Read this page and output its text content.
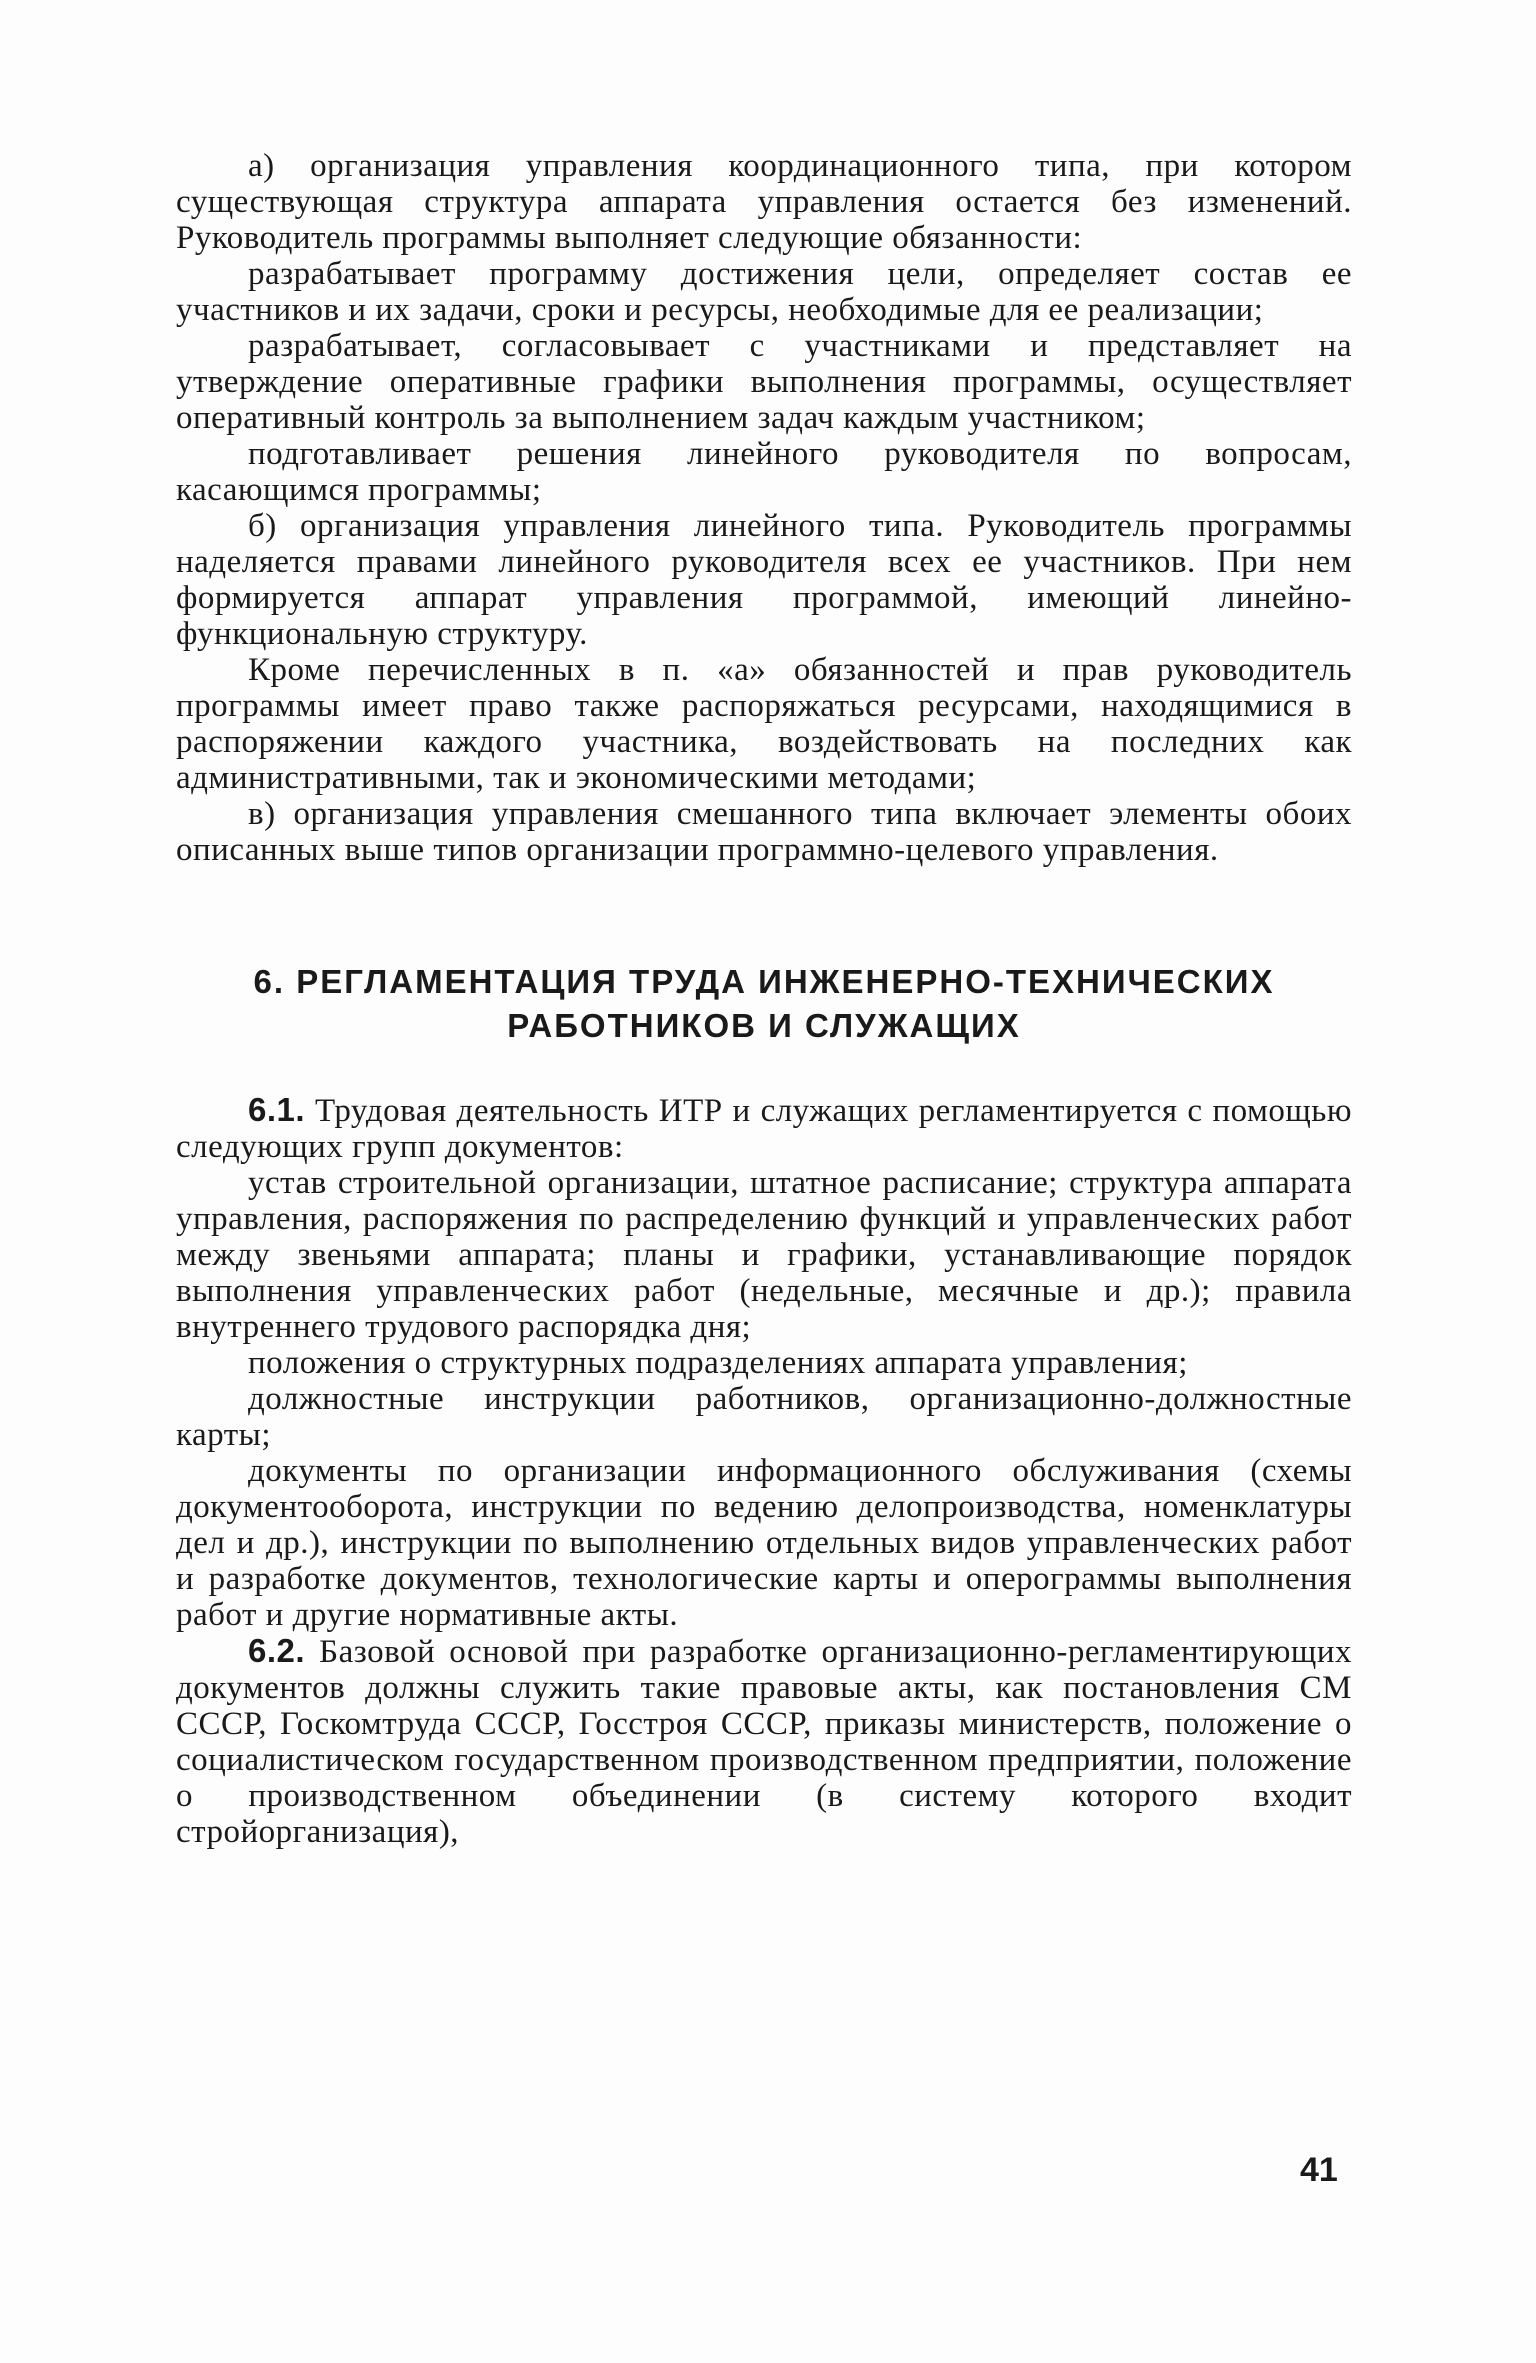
а) организация управления координационного типа, при котором существующая структура аппарата управления остается без изменений. Руководитель программы выполняет следующие обязанности:

разрабатывает программу достижения цели, определяет состав ее участников и их задачи, сроки и ресурсы, необходимые для ее реализации;

разрабатывает, согласовывает с участниками и представляет на утверждение оперативные графики выполнения программы, осуществляет оперативный контроль за выполнением задач каждым участником;

подготавливает решения линейного руководителя по вопросам, касающимся программы;

б) организация управления линейного типа. Руководитель программы наделяется правами линейного руководителя всех ее участников. При нем формируется аппарат управления программой, имеющий линейно-функциональную структуру.

Кроме перечисленных в п. «а» обязанностей и прав руководитель программы имеет право также распоряжаться ресурсами, находящимися в распоряжении каждого участника, воздействовать на последних как административными, так и экономическими методами;

в) организация управления смешанного типа включает элементы обоих описанных выше типов организации программно-целевого управления.

6. РЕГЛАМЕНТАЦИЯ ТРУДА ИНЖЕНЕРНО-ТЕХНИЧЕСКИХ
РАБОТНИКОВ И СЛУЖАЩИХ

6.1. Трудовая деятельность ИТР и служащих регламентируется с помощью следующих групп документов:

устав строительной организации, штатное расписание; структура аппарата управления, распоряжения по распределению функций и управленческих работ между звеньями аппарата; планы и графики, устанавливающие порядок выполнения управленческих работ (недельные, месячные и др.); правила внутреннего трудового распорядка дня;

положения о структурных подразделениях аппарата управления;

должностные инструкции работников, организационно-должностные карты;

документы по организации информационного обслуживания (схемы документооборота, инструкции по ведению делопроизводства, номенклатуры дел и др.), инструкции по выполнению отдельных видов управленческих работ и разработке документов, технологические карты и оперограммы выполнения работ и другие нормативные акты.

6.2. Базовой основой при разработке организационно-регламентирующих документов должны служить такие правовые акты, как постановления СМ СССР, Госкомтруда СССР, Госстроя СССР, приказы министерств, положение о социалистическом государственном производственном предприятии, положение о производственном объединении (в систему которого входит стройорганизация),

41
